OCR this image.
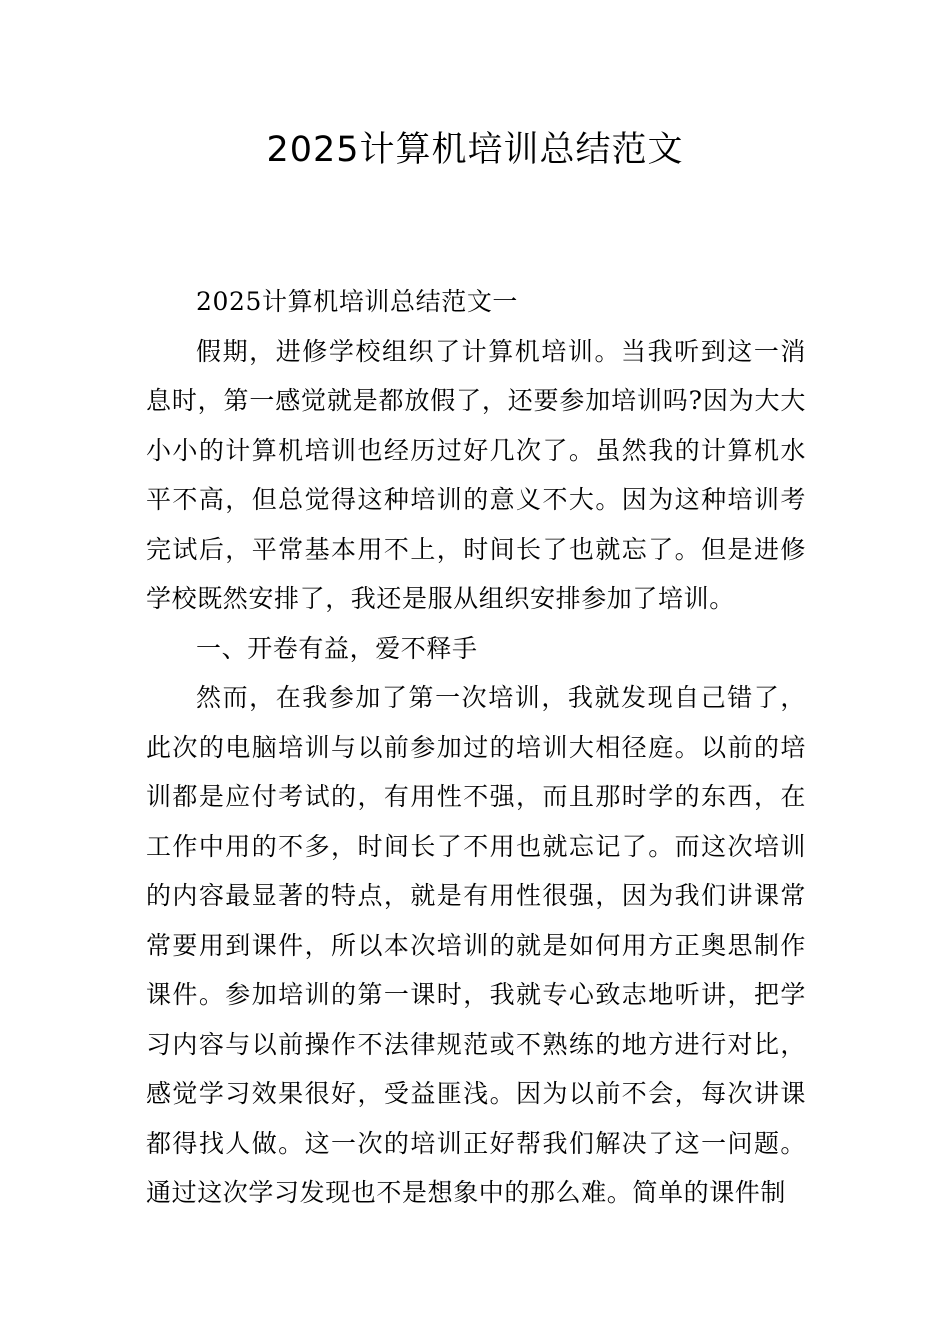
2025计算机培训总结范文

2025计算机培训总结范文一

假期，进修学校组织了计算机培训。当我听到这一消息时，第一感觉就是都放假了，还要参加培训吗?因为大大小小的计算机培训也经历过好几次了。虽然我的计算机水平不高，但总觉得这种培训的意义不大。因为这种培训考完试后，平常基本用不上，时间长了也就忘了。但是进修学校既然安排了，我还是服从组织安排参加了培训。

一、开卷有益，爱不释手

然而，在我参加了第一次培训，我就发现自己错了，此次的电脑培训与以前参加过的培训大相径庭。以前的培训都是应付考试的，有用性不强，而且那时学的东西，在工作中用的不多，时间长了不用也就忘记了。而这次培训的内容最显著的特点，就是有用性很强，因为我们讲课常常要用到课件，所以本次培训的就是如何用方正奥思制作课件。参加培训的第一课时，我就专心致志地听讲，把学习内容与以前操作不法律规范或不熟练的地方进行对比，感觉学习效果很好，受益匪浅。因为以前不会，每次讲课都得找人做。这一次的培训正好帮我们解决了这一问题。通过这次学习发现也不是想象中的那么难。简单的课件制
